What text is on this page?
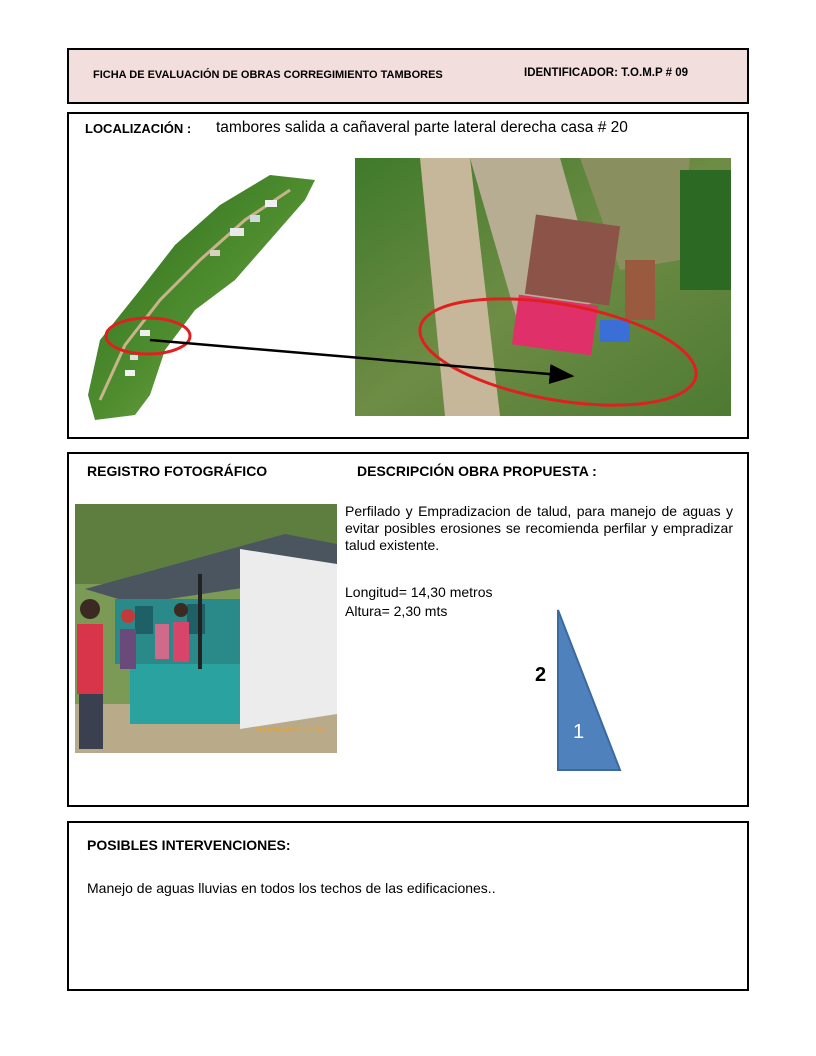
FICHA DE EVALUACIÓN DE OBRAS CORREGIMIENTO TAMBORES	IDENTIFICADOR: T.O.M.P # 09
LOCALIZACIÓN : tambores salida a cañaveral parte lateral derecha casa # 20
REGISTRO FOTOGRÁFICO	DESCRIPCIÓN OBRA PROPUESTA :
Perfilado y Empradizacion de talud, para manejo de aguas y evitar posibles erosiones se recomienda perfilar y empradizar talud existente.
Longitud= 14,30 metros
Altura= 2,30 mts
PM 5:04 ABR/17/2014
2
1
POSIBLES INTERVENCIONES:
Manejo de aguas lluvias en todos los techos de las edificaciones..
